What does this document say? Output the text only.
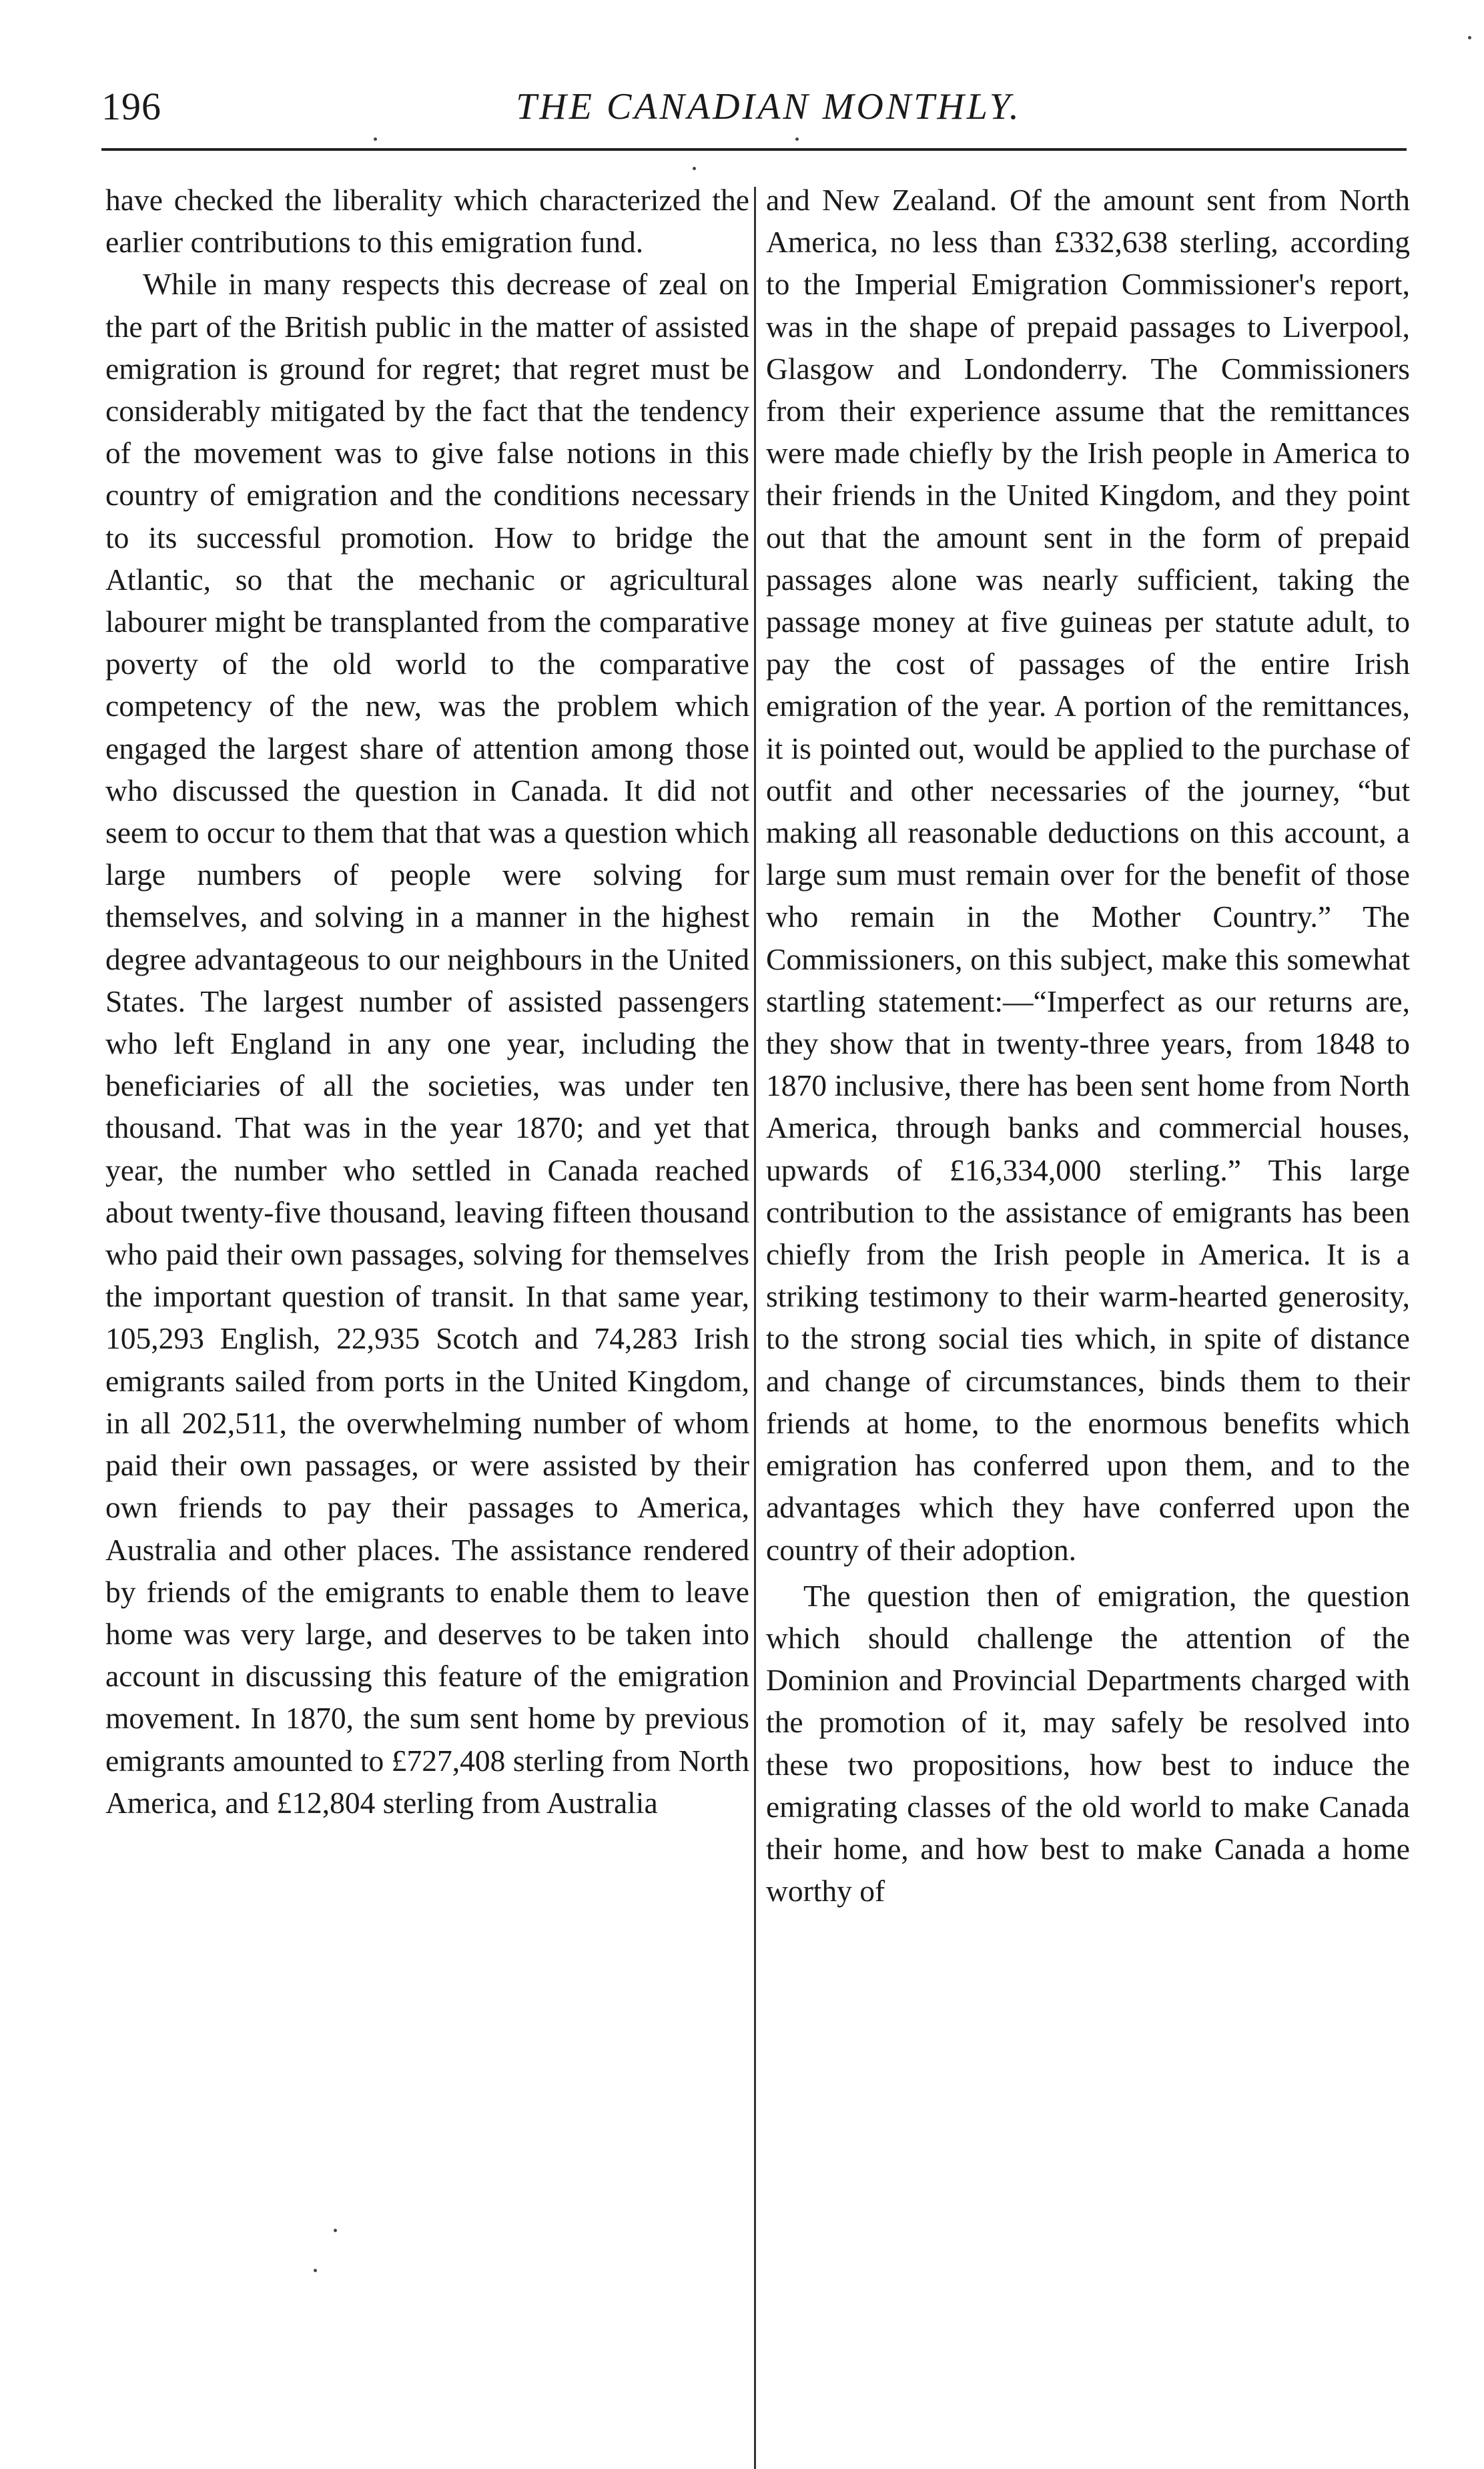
196	THE CANADIAN MONTHLY.

have checked the liberality which characterized the earlier contributions to this emigration fund.

While in many respects this decrease of zeal on the part of the British public in the matter of assisted emigration is ground for regret; that regret must be considerably mitigated by the fact that the tendency of the movement was to give false notions in this country of emigration and the conditions necessary to its successful promotion. How to bridge the Atlantic, so that the mechanic or agricultural labourer might be transplanted from the comparative poverty of the old world to the comparative competency of the new, was the problem which engaged the largest share of attention among those who discussed the question in Canada. It did not seem to occur to them that that was a question which large numbers of people were solving for themselves, and solving in a manner in the highest degree advantageous to our neighbours in the United States. The largest number of assisted passengers who left England in any one year, including the beneficiaries of all the societies, was under ten thousand. That was in the year 1870; and yet that year, the number who settled in Canada reached about twenty-five thousand, leaving fifteen thousand who paid their own passages, solving for themselves the important question of transit. In that same year, 105,293 English, 22,935 Scotch and 74,283 Irish emigrants sailed from ports in the United Kingdom, in all 202,511, the overwhelming number of whom paid their own passages, or were assisted by their own friends to pay their passages to America, Australia and other places. The assistance rendered by friends of the emigrants to enable them to leave home was very large, and deserves to be taken into account in discussing this feature of the emigration movement. In 1870, the sum sent home by previous emigrants amounted to £727,408 sterling from North America, and £12,804 sterling from Australia

and New Zealand. Of the amount sent from North America, no less than £332,638 sterling, according to the Imperial Emigration Commissioner's report, was in the shape of prepaid passages to Liverpool, Glasgow and Londonderry. The Commissioners from their experience assume that the remittances were made chiefly by the Irish people in America to their friends in the United Kingdom, and they point out that the amount sent in the form of prepaid passages alone was nearly sufficient, taking the passage money at five guineas per statute adult, to pay the cost of passages of the entire Irish emigration of the year. A portion of the remittances, it is pointed out, would be applied to the purchase of outfit and other necessaries of the journey, “but making all reasonable deductions on this account, a large sum must remain over for the benefit of those who remain in the Mother Country.” The Commissioners, on this subject, make this somewhat startling statement:—“Imperfect as our returns are, they show that in twenty-three years, from 1848 to 1870 inclusive, there has been sent home from North America, through banks and commercial houses, upwards of £16,334,000 sterling.” This large contribution to the assistance of emigrants has been chiefly from the Irish people in America. It is a striking testimony to their warm-hearted generosity, to the strong social ties which, in spite of distance and change of circumstances, binds them to their friends at home, to the enormous benefits which emigration has conferred upon them, and to the advantages which they have conferred upon the country of their adoption.

The question then of emigration, the question which should challenge the attention of the Dominion and Provincial Departments charged with the promotion of it, may safely be resolved into these two propositions, how best to induce the emigrating classes of the old world to make Canada their home, and how best to make Canada a home worthy of
